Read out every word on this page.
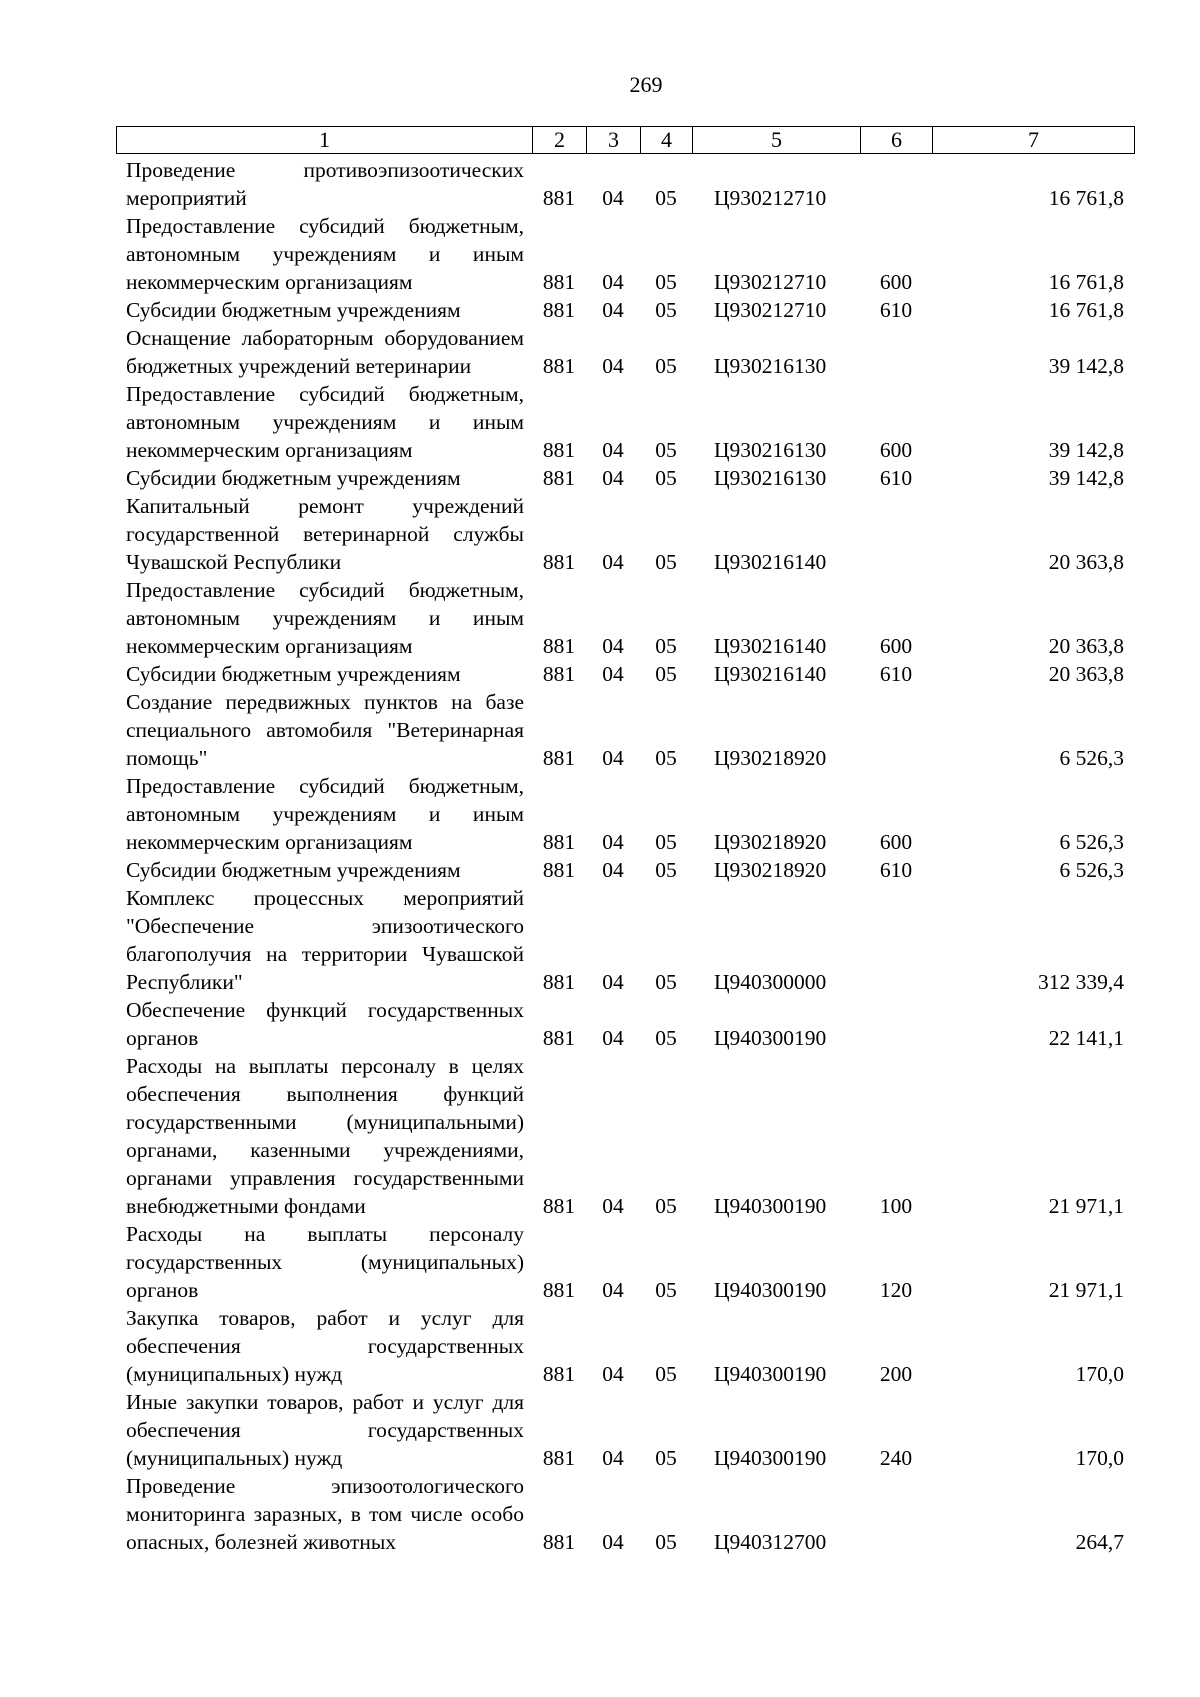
269
1	2	3	4	5	6	7
Проведение противоэпизоотических мероприятий	881	04	05	Ц930212710		16 761,8
Предоставление субсидий бюджетным, автономным учреждениям и иным некоммерческим организациям	881	04	05	Ц930212710	600	16 761,8
Субсидии бюджетным учреждениям	881	04	05	Ц930212710	610	16 761,8
Оснащение лабораторным оборудованием бюджетных учреждений ветеринарии	881	04	05	Ц930216130		39 142,8
Предоставление субсидий бюджетным, автономным учреждениям и иным некоммерческим организациям	881	04	05	Ц930216130	600	39 142,8
Субсидии бюджетным учреждениям	881	04	05	Ц930216130	610	39 142,8
Капитальный ремонт учреждений государственной ветеринарной службы Чувашской Республики	881	04	05	Ц930216140		20 363,8
Предоставление субсидий бюджетным, автономным учреждениям и иным некоммерческим организациям	881	04	05	Ц930216140	600	20 363,8
Субсидии бюджетным учреждениям	881	04	05	Ц930216140	610	20 363,8
Создание передвижных пунктов на базе специального автомобиля "Ветеринарная помощь"	881	04	05	Ц930218920		6 526,3
Предоставление субсидий бюджетным, автономным учреждениям и иным некоммерческим организациям	881	04	05	Ц930218920	600	6 526,3
Субсидии бюджетным учреждениям	881	04	05	Ц930218920	610	6 526,3
Комплекс процессных мероприятий "Обеспечение эпизоотического благополучия на территории Чувашской Республики"	881	04	05	Ц940300000		312 339,4
Обеспечение функций государственных органов	881	04	05	Ц940300190		22 141,1
Расходы на выплаты персоналу в целях обеспечения выполнения функций государственными (муниципальными) органами, казенными учреждениями, органами управления государственными внебюджетными фондами	881	04	05	Ц940300190	100	21 971,1
Расходы на выплаты персоналу государственных (муниципальных) органов	881	04	05	Ц940300190	120	21 971,1
Закупка товаров, работ и услуг для обеспечения государственных (муниципальных) нужд	881	04	05	Ц940300190	200	170,0
Иные закупки товаров, работ и услуг для обеспечения государственных (муниципальных) нужд	881	04	05	Ц940300190	240	170,0
Проведение эпизоотологического мониторинга заразных, в том числе особо опасных, болезней животных	881	04	05	Ц940312700		264,7
